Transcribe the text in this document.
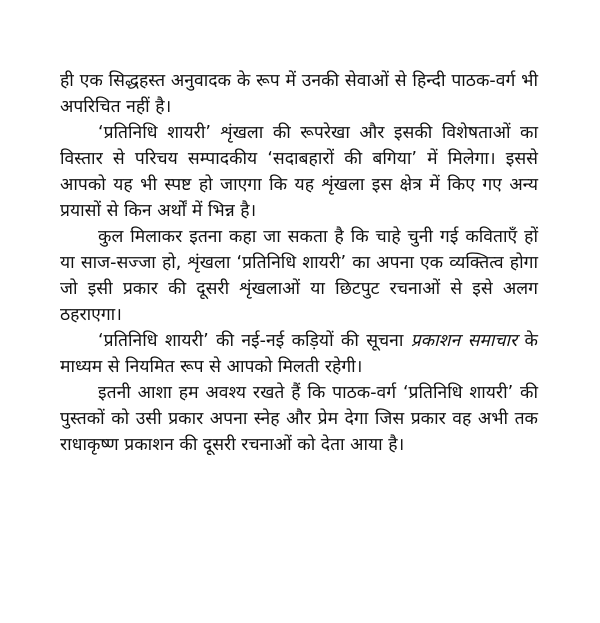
ही एक सिद्धहस्त अनुवादक के रूप में उनकी सेवाओं से हिन्दी पाठक-वर्ग भी अपरिचित नहीं है।

‘प्रतिनिधि शायरी’ शृंखला की रूपरेखा और इसकी विशेषताओं का विस्तार से परिचय सम्पादकीय ‘सदाबहारों की बगिया’ में मिलेगा। इससे आपको यह भी स्पष्ट हो जाएगा कि यह शृंखला इस क्षेत्र में किए गए अन्य प्रयासों से किन अर्थों में भिन्न है।

कुल मिलाकर इतना कहा जा सकता है कि चाहे चुनी गई कविताएँ हों या साज-सज्जा हो, शृंखला ‘प्रतिनिधि शायरी’ का अपना एक व्यक्तित्व होगा जो इसी प्रकार की दूसरी शृंखलाओं या छिटपुट रचनाओं से इसे अलग ठहराएगा।

‘प्रतिनिधि शायरी’ की नई-नई कड़ियों की सूचना प्रकाशन समाचार के माध्यम से नियमित रूप से आपको मिलती रहेगी।

इतनी आशा हम अवश्य रखते हैं कि पाठक-वर्ग ‘प्रतिनिधि शायरी’ की पुस्तकों को उसी प्रकार अपना स्नेह और प्रेम देगा जिस प्रकार वह अभी तक राधाकृष्ण प्रकाशन की दूसरी रचनाओं को देता आया है।
